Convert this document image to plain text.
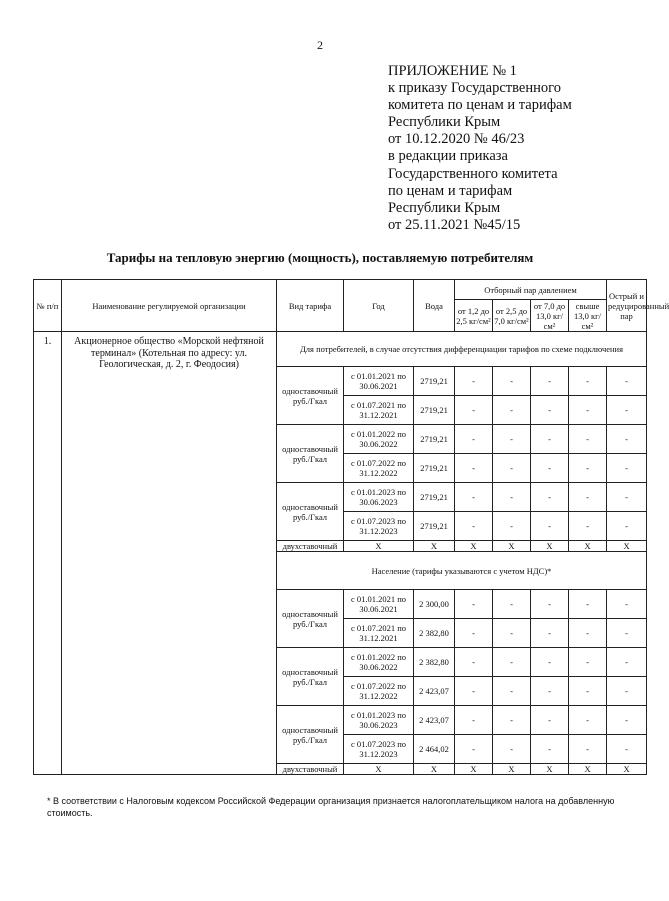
2
ПРИЛОЖЕНИЕ № 1
к приказу Государственного
комитета по ценам и тарифам
Республики Крым
от 10.12.2020 № 46/23
в редакции приказа
Государственного комитета
по ценам и тарифам
Республики Крым
от 25.11.2021 №45/15
Тарифы на тепловую энергию (мощность), поставляемую потребителям
№ п/п	Наименование регулируемой организации	Вид тарифа	Год	Вода	Отборный пар давлением				Острый и редуцированный пар
					от 1,2 до 2,5 кг/см²	от 2,5 до 7,0 кг/см²	от 7,0 до 13,0 кг/см²	свыше 13,0 кг/см²	
1.	Акционерное общество «Морской нефтяной терминал» (Котельная по адресу: ул. Геологическая, д. 2, г. Феодосия)	Для потребителей, в случае отсутствия дифференциации тарифов по схеме подключения							
		одноставочный руб./Гкал	с 01.01.2021 по 30.06.2021	2719,21	-	-	-	-	-
			с 01.07.2021 по 31.12.2021	2719,21	-	-	-	-	-
		одноставочный руб./Гкал	с 01.01.2022 по 30.06.2022	2719,21	-	-	-	-	-
			с 01.07.2022 по 31.12.2022	2719,21	-	-	-	-	-
		одноставочный руб./Гкал	с 01.01.2023 по 30.06.2023	2719,21	-	-	-	-	-
			с 01.07.2023 по 31.12.2023	2719,21	-	-	-	-	-
		двухставочный	X	X	X	X	X	X	X
		Население (тарифы указываются с учетом НДС)*							
		одноставочный руб./Гкал	с 01.01.2021 по 30.06.2021	2 300,00	-	-	-	-	-
			с 01.07.2021 по 31.12.2021	2 382,80	-	-	-	-	-
		одноставочный руб./Гкал	с 01.01.2022 по 30.06.2022	2 382,80	-	-	-	-	-
			с 01.07.2022 по 31.12.2022	2 423,07	-	-	-	-	-
		одноставочный руб./Гкал	с 01.01.2023 по 30.06.2023	2 423,07	-	-	-	-	-
			с 01.07.2023 по 31.12.2023	2 464,02	-	-	-	-	-
		двухставочный	X	X	X	X	X	X	X
* В соответствии с Налоговым кодексом Российской Федерации организация признается налогоплательщиком налога на добавленную стоимость.
